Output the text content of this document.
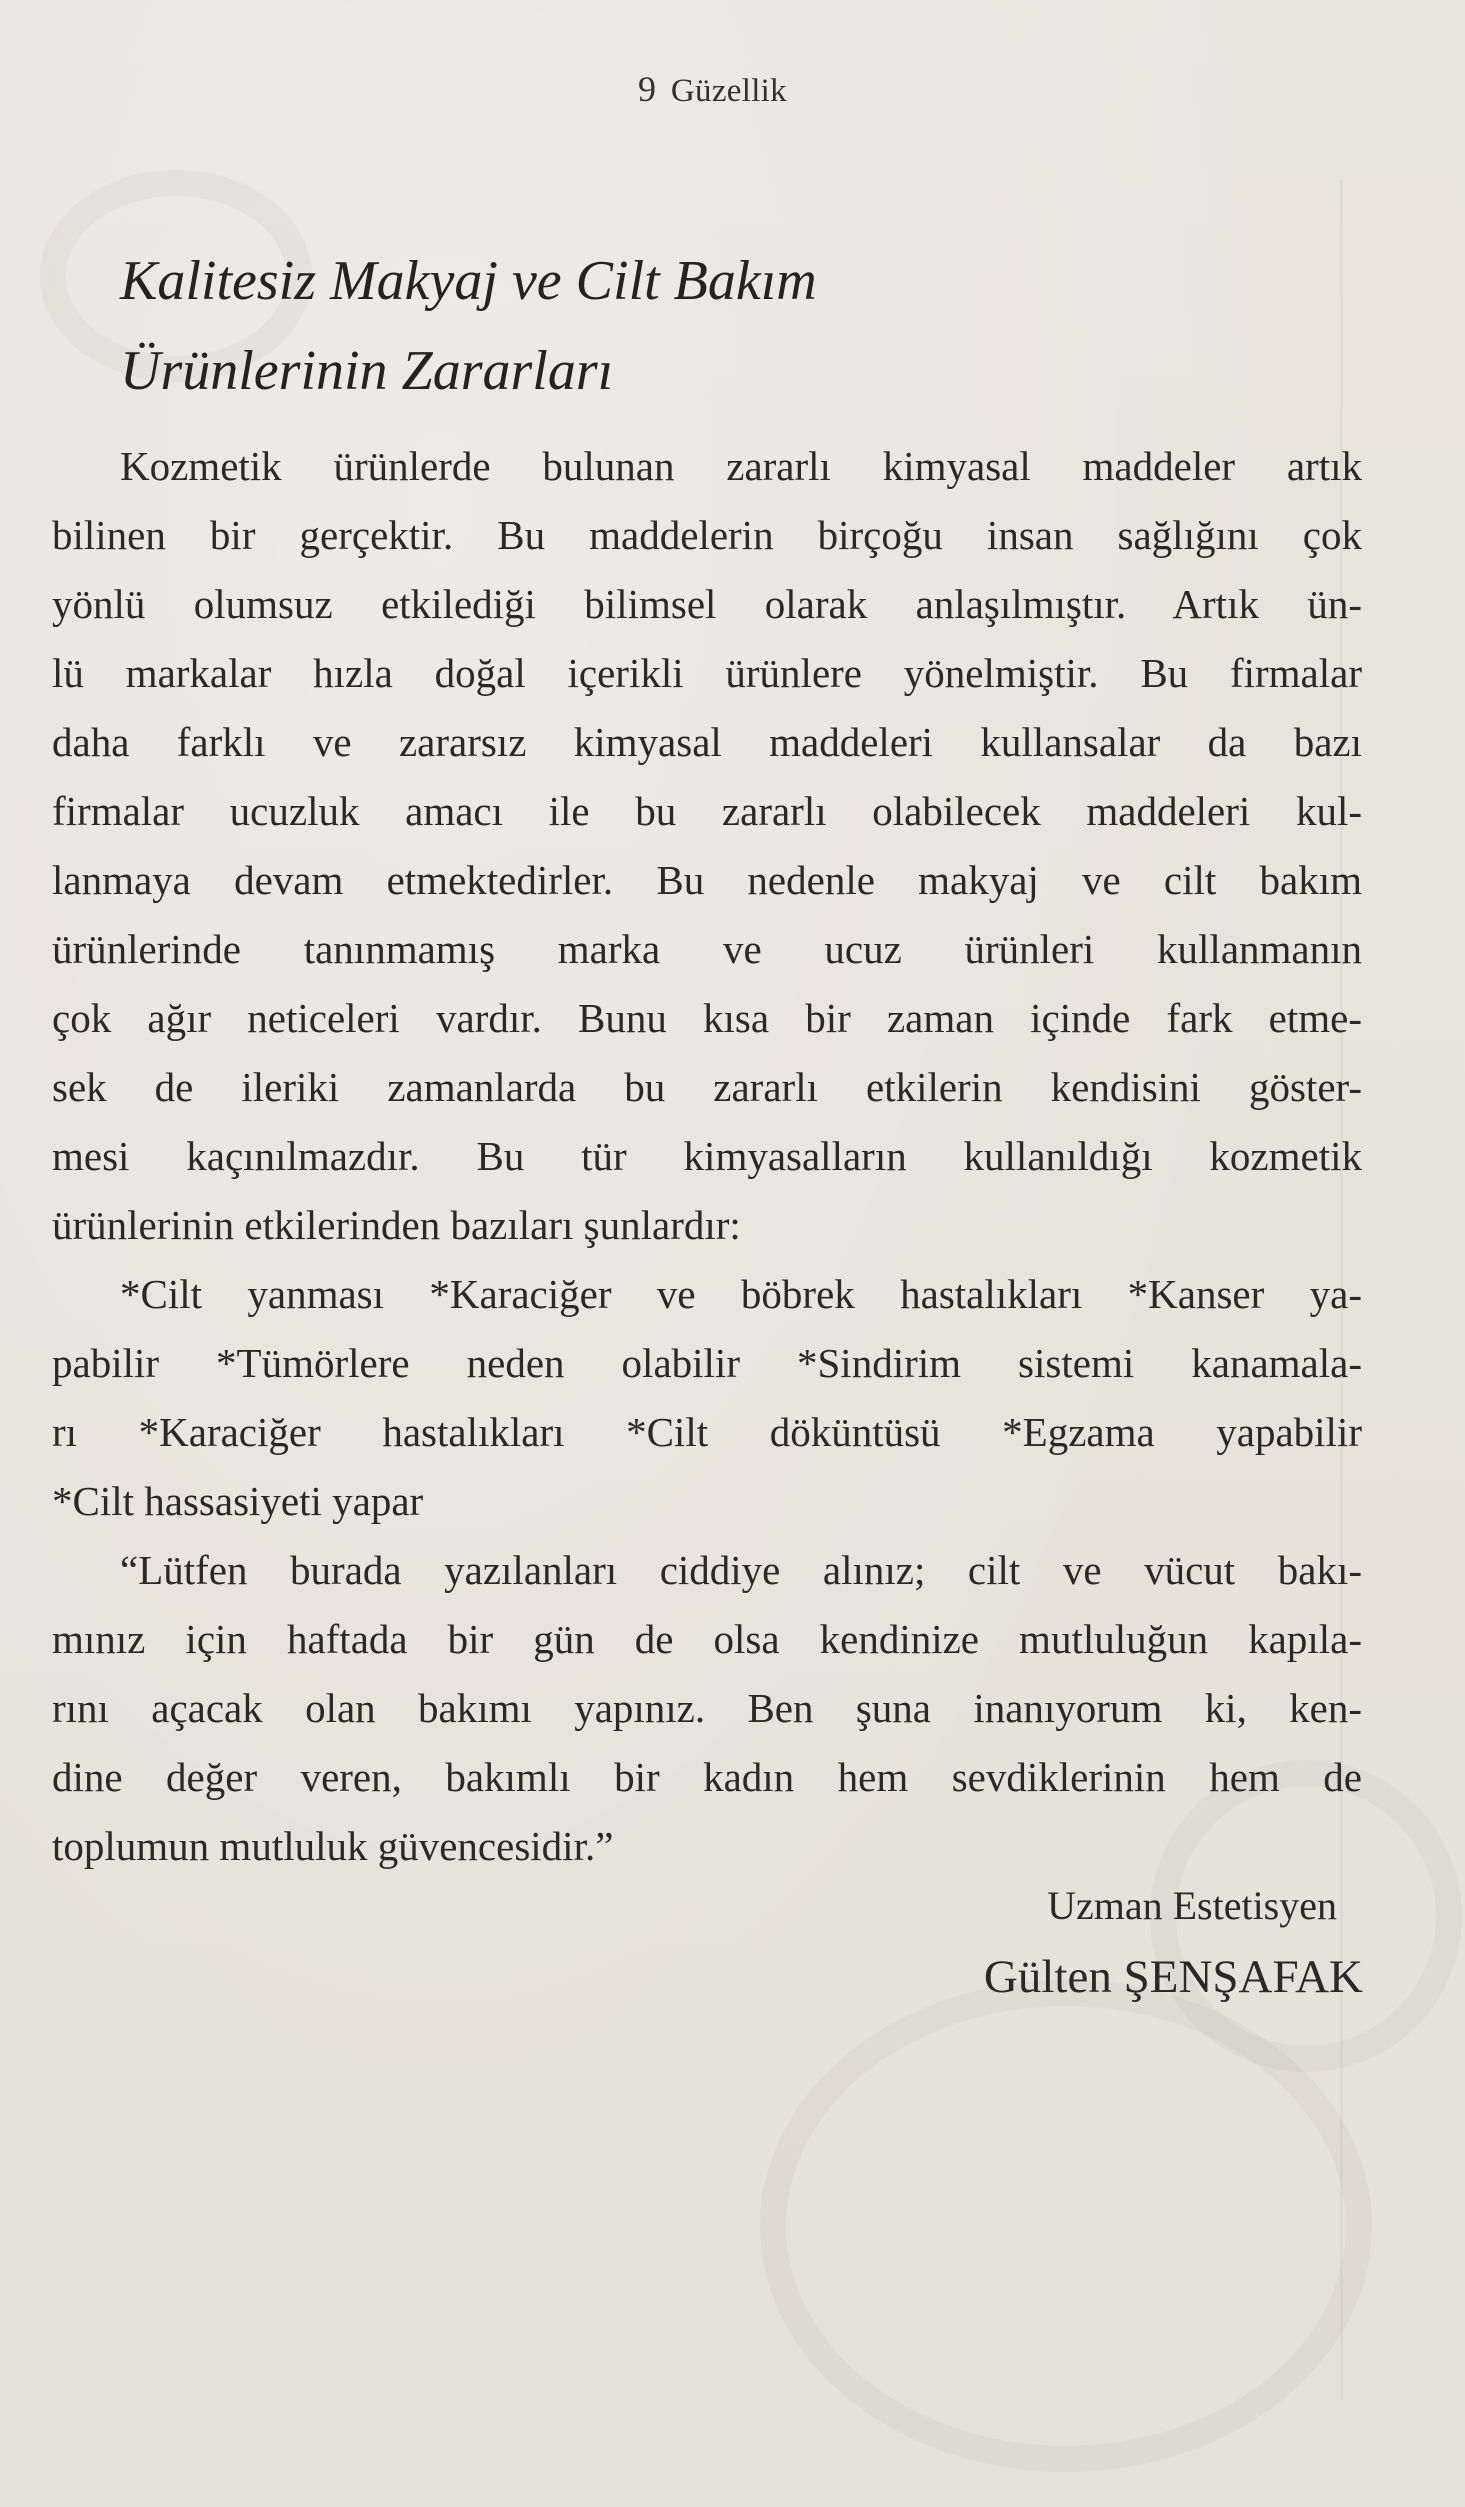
9 Güzellik
Kalitesiz Makyaj ve Cilt Bakım
Ürünlerinin Zararları
Kozmetik ürünlerde bulunan zararlı kimyasal maddeler artık
bilinen bir gerçektir. Bu maddelerin birçoğu insan sağlığını çok
yönlü olumsuz etkilediği bilimsel olarak anlaşılmıştır. Artık ün-
lü markalar hızla doğal içerikli ürünlere yönelmiştir. Bu firmalar
daha farklı ve zararsız kimyasal maddeleri kullansalar da bazı
firmalar ucuzluk amacı ile bu zararlı olabilecek maddeleri kul-
lanmaya devam etmektedirler. Bu nedenle makyaj ve cilt bakım
ürünlerinde tanınmamış marka ve ucuz ürünleri kullanmanın
çok ağır neticeleri vardır. Bunu kısa bir zaman içinde fark etme-
sek de ileriki zamanlarda bu zararlı etkilerin kendisini göster-
mesi kaçınılmazdır. Bu tür kimyasalların kullanıldığı kozmetik
ürünlerinin etkilerinden bazıları şunlardır:
*Cilt yanması *Karaciğer ve böbrek hastalıkları *Kanser ya-
pabilir *Tümörlere neden olabilir *Sindirim sistemi kanamala-
rı *Karaciğer hastalıkları *Cilt döküntüsü *Egzama yapabilir
*Cilt hassasiyeti yapar
“Lütfen burada yazılanları ciddiye alınız; cilt ve vücut bakı-
mınız için haftada bir gün de olsa kendinize mutluluğun kapıla-
rını açacak olan bakımı yapınız. Ben şuna inanıyorum ki, ken-
dine değer veren, bakımlı bir kadın hem sevdiklerinin hem de
toplumun mutluluk güvencesidir.”
Uzman Estetisyen
Gülten ŞENŞAFAK
